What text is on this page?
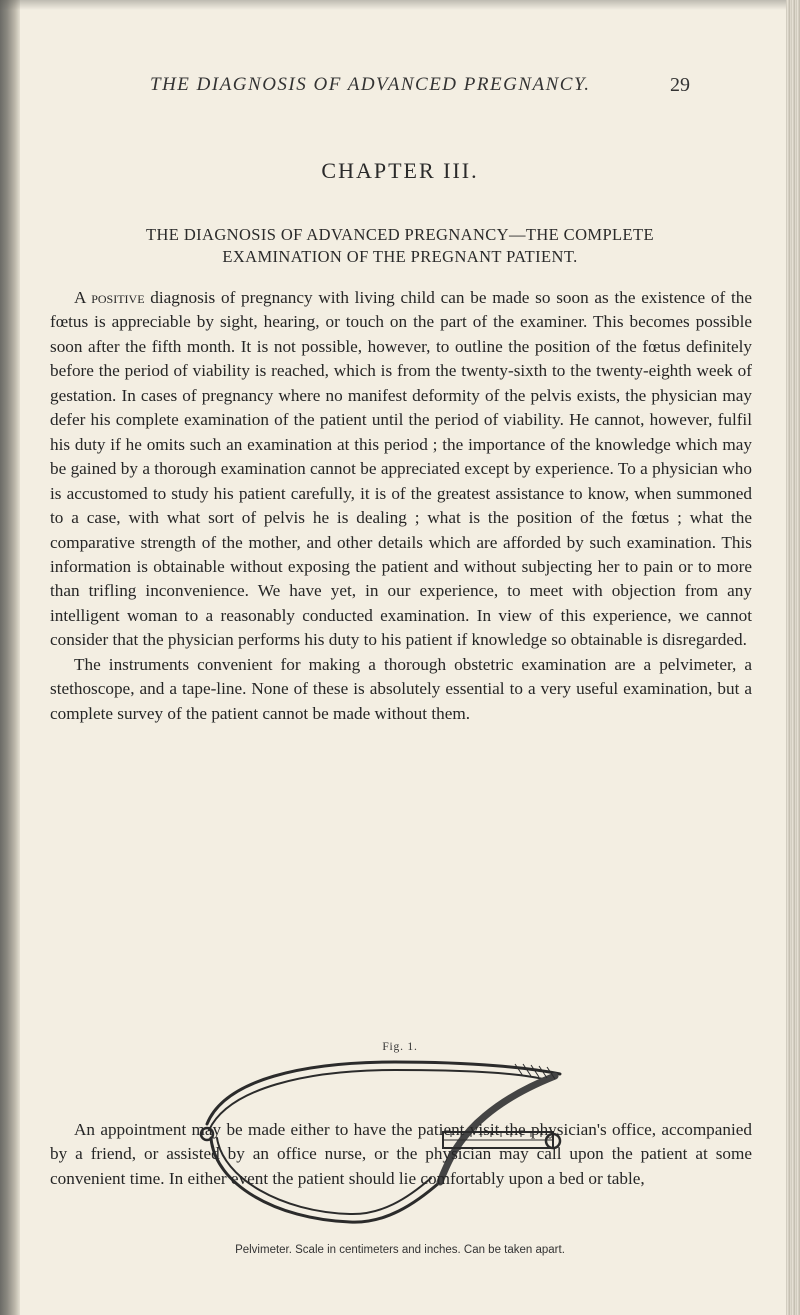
THE DIAGNOSIS OF ADVANCED PREGNANCY.	29
CHAPTER III.
THE DIAGNOSIS OF ADVANCED PREGNANCY—THE COMPLETE
EXAMINATION OF THE PREGNANT PATIENT.

A positive diagnosis of pregnancy with living child can be made so soon as the existence of the fœtus is appreciable by sight, hearing, or touch on the part of the examiner. This becomes possible soon after the fifth month. It is not possible, however, to outline the position of the fœtus definitely before the period of viability is reached, which is from the twenty-sixth to the twenty-eighth week of gestation. In cases of pregnancy where no manifest deformity of the pelvis exists, the physician may defer his complete examination of the patient until the period of viability. He cannot, however, fulfil his duty if he omits such an examination at this period ; the importance of the knowledge which may be gained by a thorough examination cannot be appreciated except by experience. To a physician who is accustomed to study his patient carefully, it is of the greatest assistance to know, when summoned to a case, with what sort of pelvis he is dealing ; what is the position of the fœtus ; what the comparative strength of the mother, and other details which are afforded by such examination. This information is obtainable without exposing the patient and without subjecting her to pain or to more than trifling inconvenience. We have yet, in our experience, to meet with objection from any intelligent woman to a reasonably conducted examination. In view of this experience, we cannot consider that the physician performs his duty to his patient if knowledge so obtainable is disregarded.

The instruments convenient for making a thorough obstetric examination are a pelvimeter, a stethoscope, and a tape-line. None of these is absolutely essential to a very useful examination, but a complete survey of the patient cannot be made without them.

Fig. 1.
Pelvimeter. Scale in centimeters and inches. Can be taken apart.

An appointment may be made either to have the patient visit the physician's office, accompanied by a friend, or assisted by an office nurse, or the physician may call upon the patient at some convenient time. In either event the patient should lie comfortably upon a bed or table,
